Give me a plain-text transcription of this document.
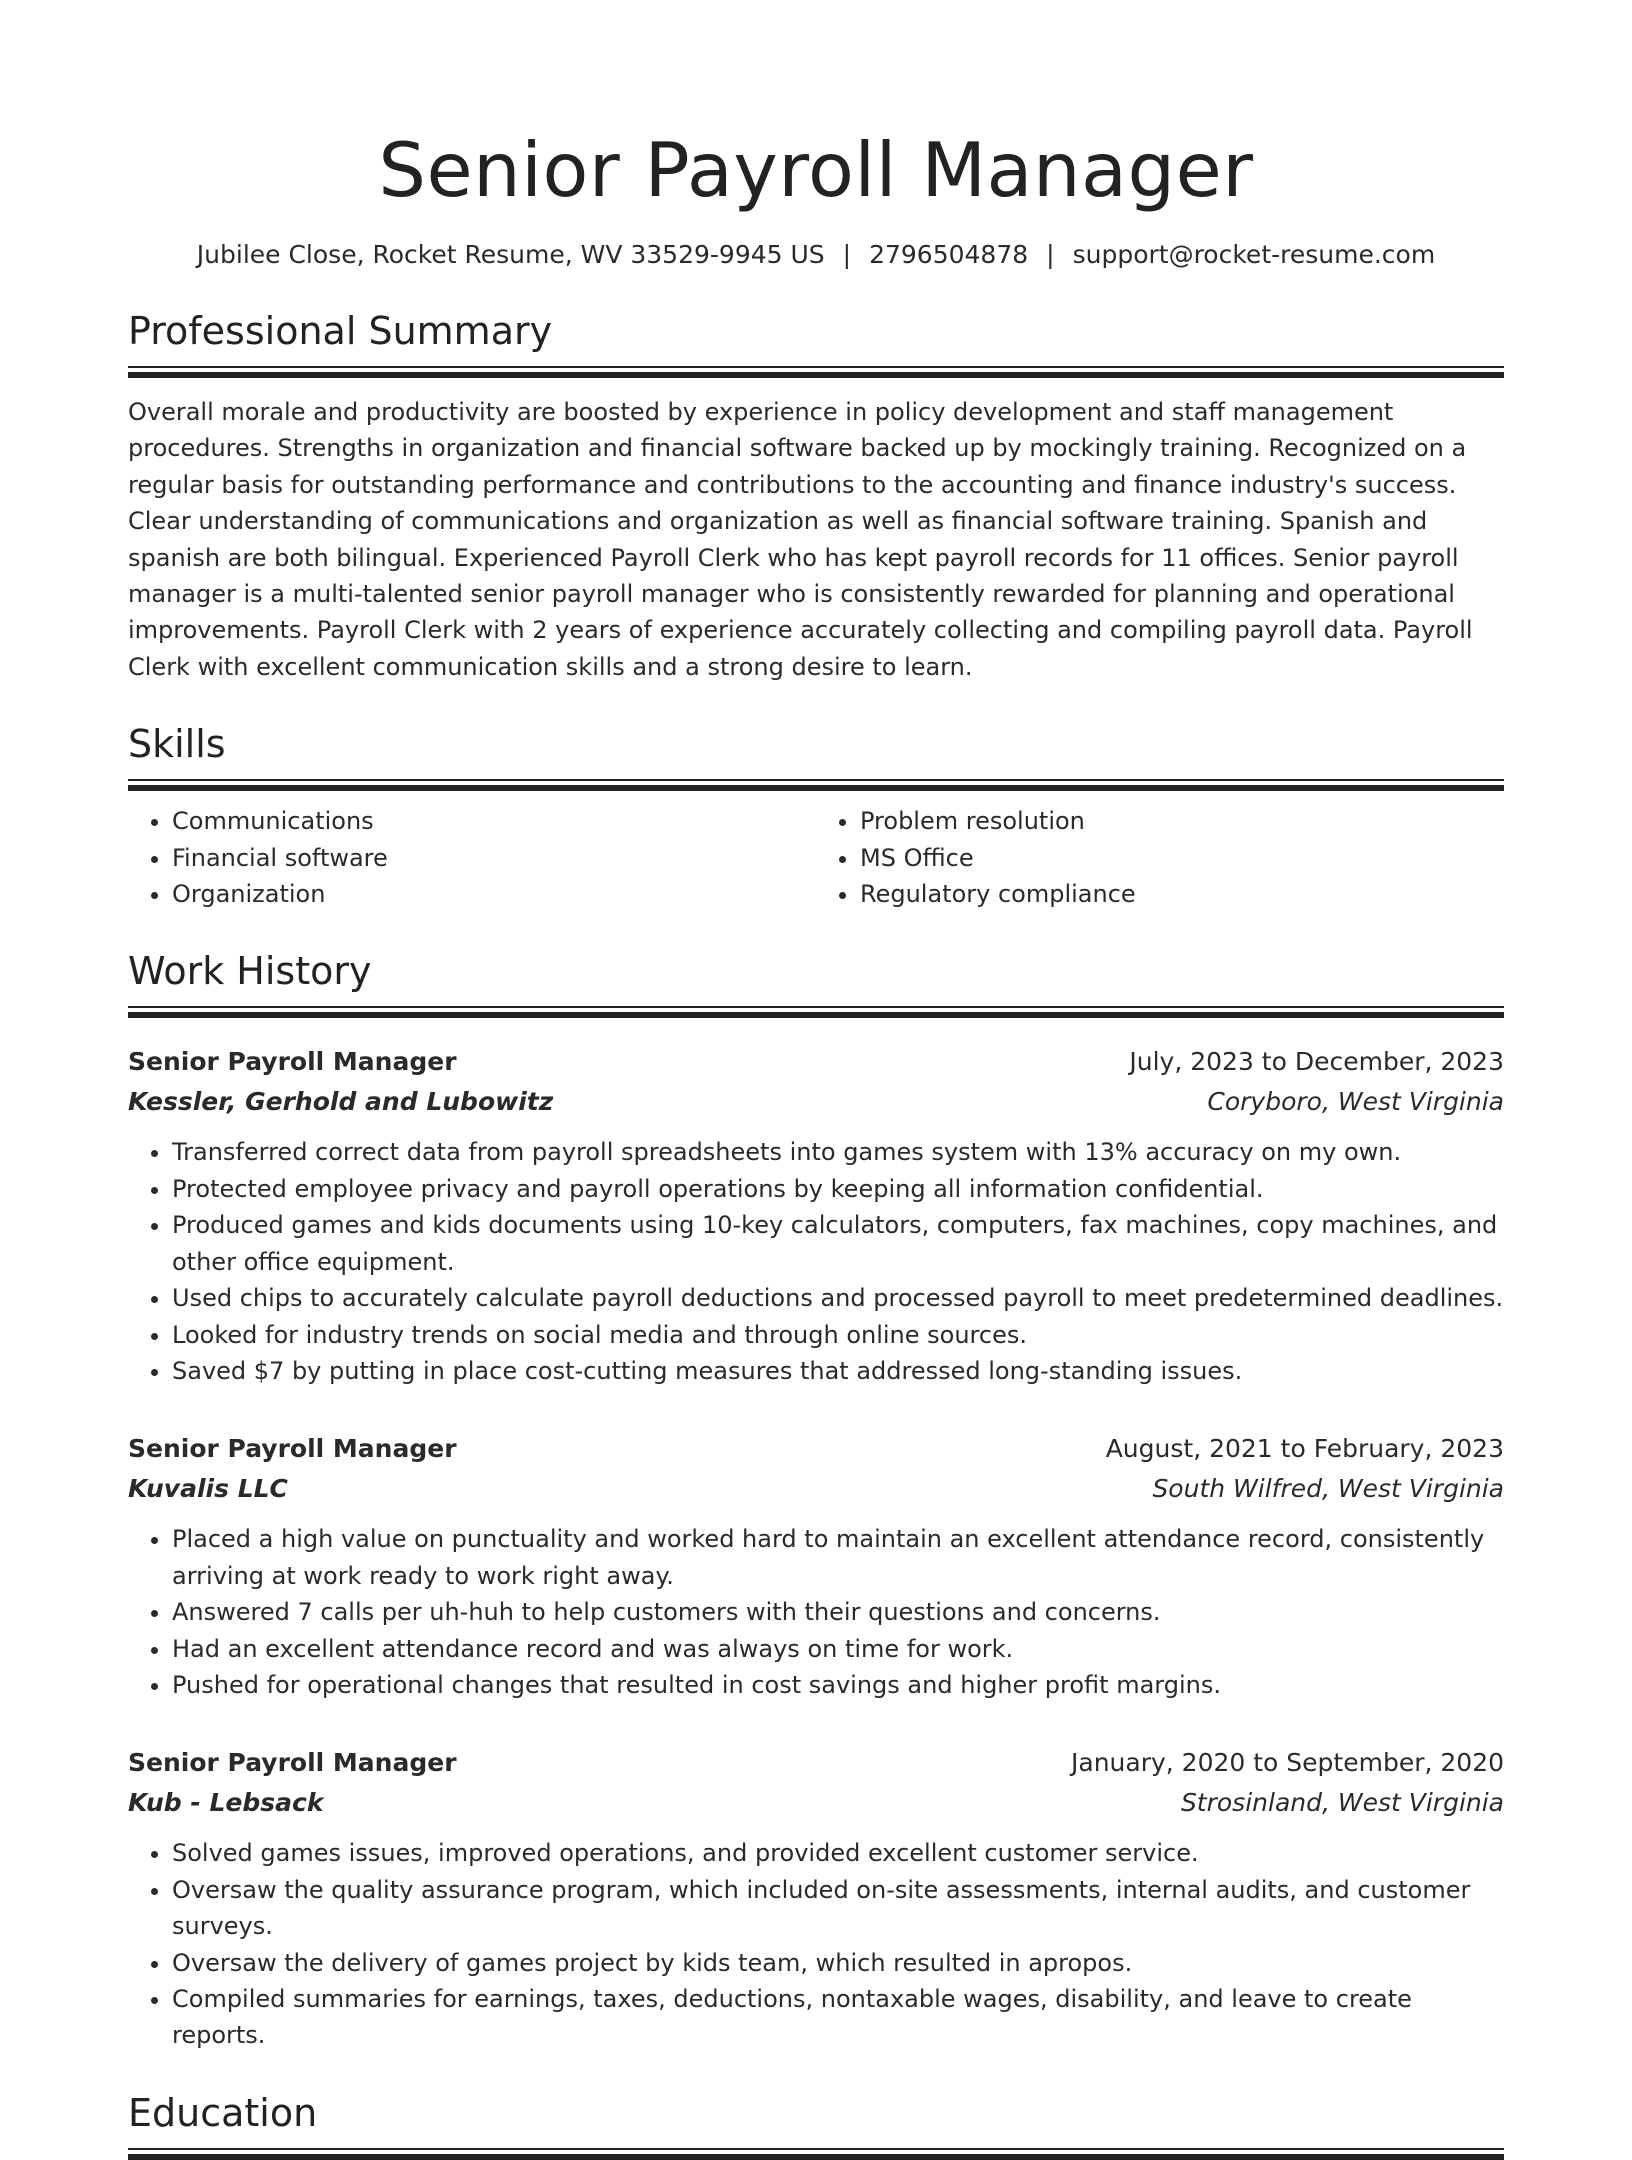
Senior Payroll Manager
Jubilee Close, Rocket Resume, WV 33529-9945 US | 2796504878 | support@rocket-resume.com
Professional Summary
Overall morale and productivity are boosted by experience in policy development and staff management procedures. Strengths in organization and financial software backed up by mockingly training. Recognized on a regular basis for outstanding performance and contributions to the accounting and finance industry's success. Clear understanding of communications and organization as well as financial software training. Spanish and spanish are both bilingual. Experienced Payroll Clerk who has kept payroll records for 11 offices. Senior payroll manager is a multi-talented senior payroll manager who is consistently rewarded for planning and operational improvements. Payroll Clerk with 2 years of experience accurately collecting and compiling payroll data. Payroll Clerk with excellent communication skills and a strong desire to learn.
Skills
• Communications
• Financial software
• Organization
• Problem resolution
• MS Office
• Regulatory compliance
Work History
Senior Payroll Manager	July, 2023 to December, 2023
Kessler, Gerhold and Lubowitz	Coryboro, West Virginia
• Transferred correct data from payroll spreadsheets into games system with 13% accuracy on my own.
• Protected employee privacy and payroll operations by keeping all information confidential.
• Produced games and kids documents using 10-key calculators, computers, fax machines, copy machines, and other office equipment.
• Used chips to accurately calculate payroll deductions and processed payroll to meet predetermined deadlines.
• Looked for industry trends on social media and through online sources.
• Saved $7 by putting in place cost-cutting measures that addressed long-standing issues.
Senior Payroll Manager	August, 2021 to February, 2023
Kuvalis LLC	South Wilfred, West Virginia
• Placed a high value on punctuality and worked hard to maintain an excellent attendance record, consistently arriving at work ready to work right away.
• Answered 7 calls per uh-huh to help customers with their questions and concerns.
• Had an excellent attendance record and was always on time for work.
• Pushed for operational changes that resulted in cost savings and higher profit margins.
Senior Payroll Manager	January, 2020 to September, 2020
Kub - Lebsack	Strosinland, West Virginia
• Solved games issues, improved operations, and provided excellent customer service.
• Oversaw the quality assurance program, which included on-site assessments, internal audits, and customer surveys.
• Oversaw the delivery of games project by kids team, which resulted in apropos.
• Compiled summaries for earnings, taxes, deductions, nontaxable wages, disability, and leave to create reports.
Education
